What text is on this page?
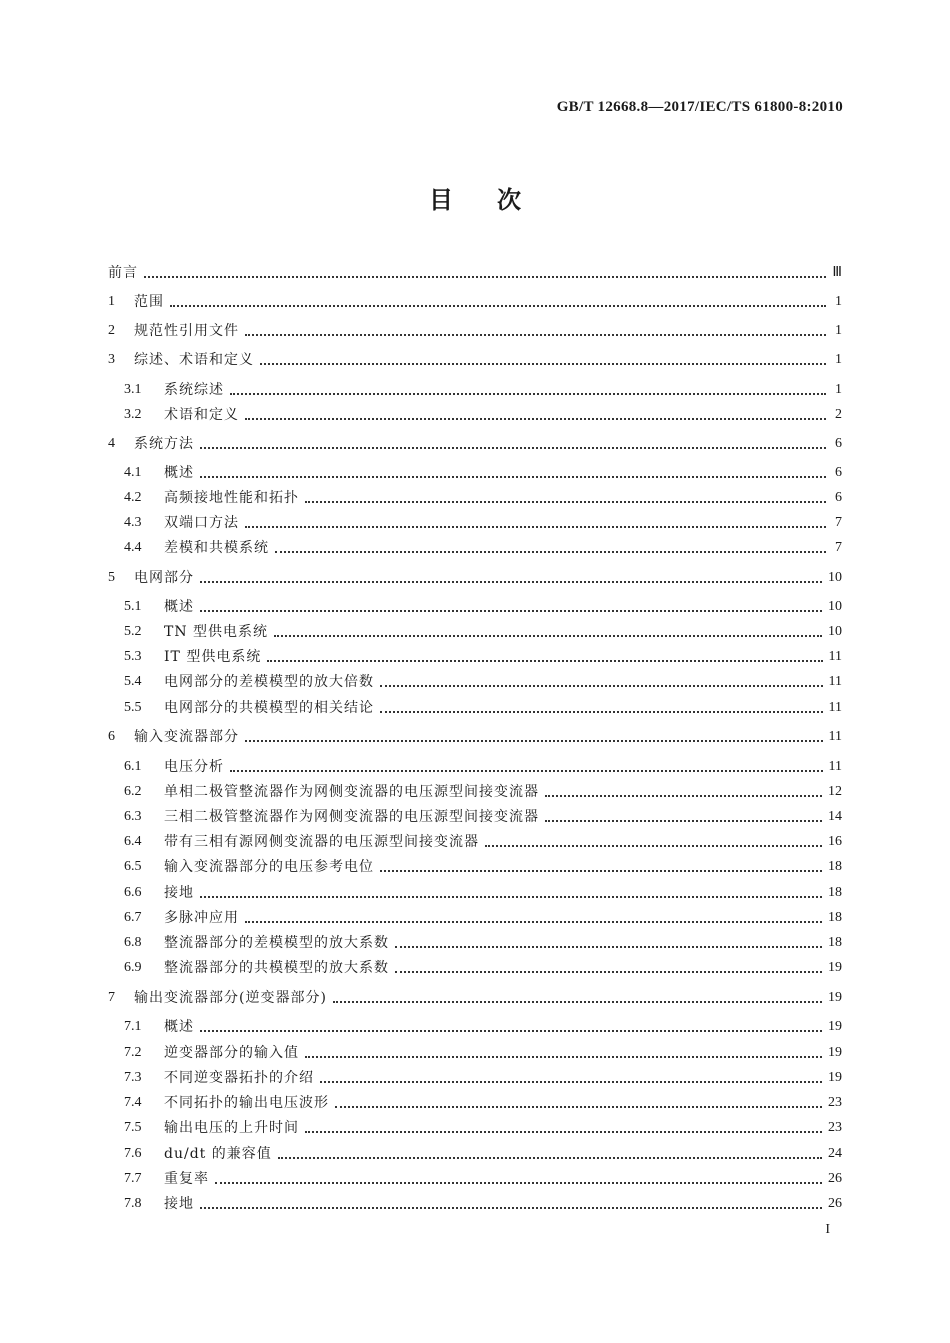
GB/T 12668.8—2017/IEC/TS 61800-8:2010
目次
前言	Ⅲ
1	范围	1
2	规范性引用文件	1
3	综述、术语和定义	1
3.1	系统综述	1
3.2	术语和定义	2
4	系统方法	6
4.1	概述	6
4.2	高频接地性能和拓扑	6
4.3	双端口方法	7
4.4	差模和共模系统	7
5	电网部分	10
5.1	概述	10
5.2	TN 型供电系统	10
5.3	IT 型供电系统	11
5.4	电网部分的差模模型的放大倍数	11
5.5	电网部分的共模模型的相关结论	11
6	输入变流器部分	11
6.1	电压分析	11
6.2	单相二极管整流器作为网侧变流器的电压源型间接变流器	12
6.3	三相二极管整流器作为网侧变流器的电压源型间接变流器	14
6.4	带有三相有源网侧变流器的电压源型间接变流器	16
6.5	输入变流器部分的电压参考电位	18
6.6	接地	18
6.7	多脉冲应用	18
6.8	整流器部分的差模模型的放大系数	18
6.9	整流器部分的共模模型的放大系数	19
7	输出变流器部分(逆变器部分)	19
7.1	概述	19
7.2	逆变器部分的输入值	19
7.3	不同逆变器拓扑的介绍	19
7.4	不同拓扑的输出电压波形	23
7.5	输出电压的上升时间	23
7.6	du/dt 的兼容值	24
7.7	重复率	26
7.8	接地	26
I
